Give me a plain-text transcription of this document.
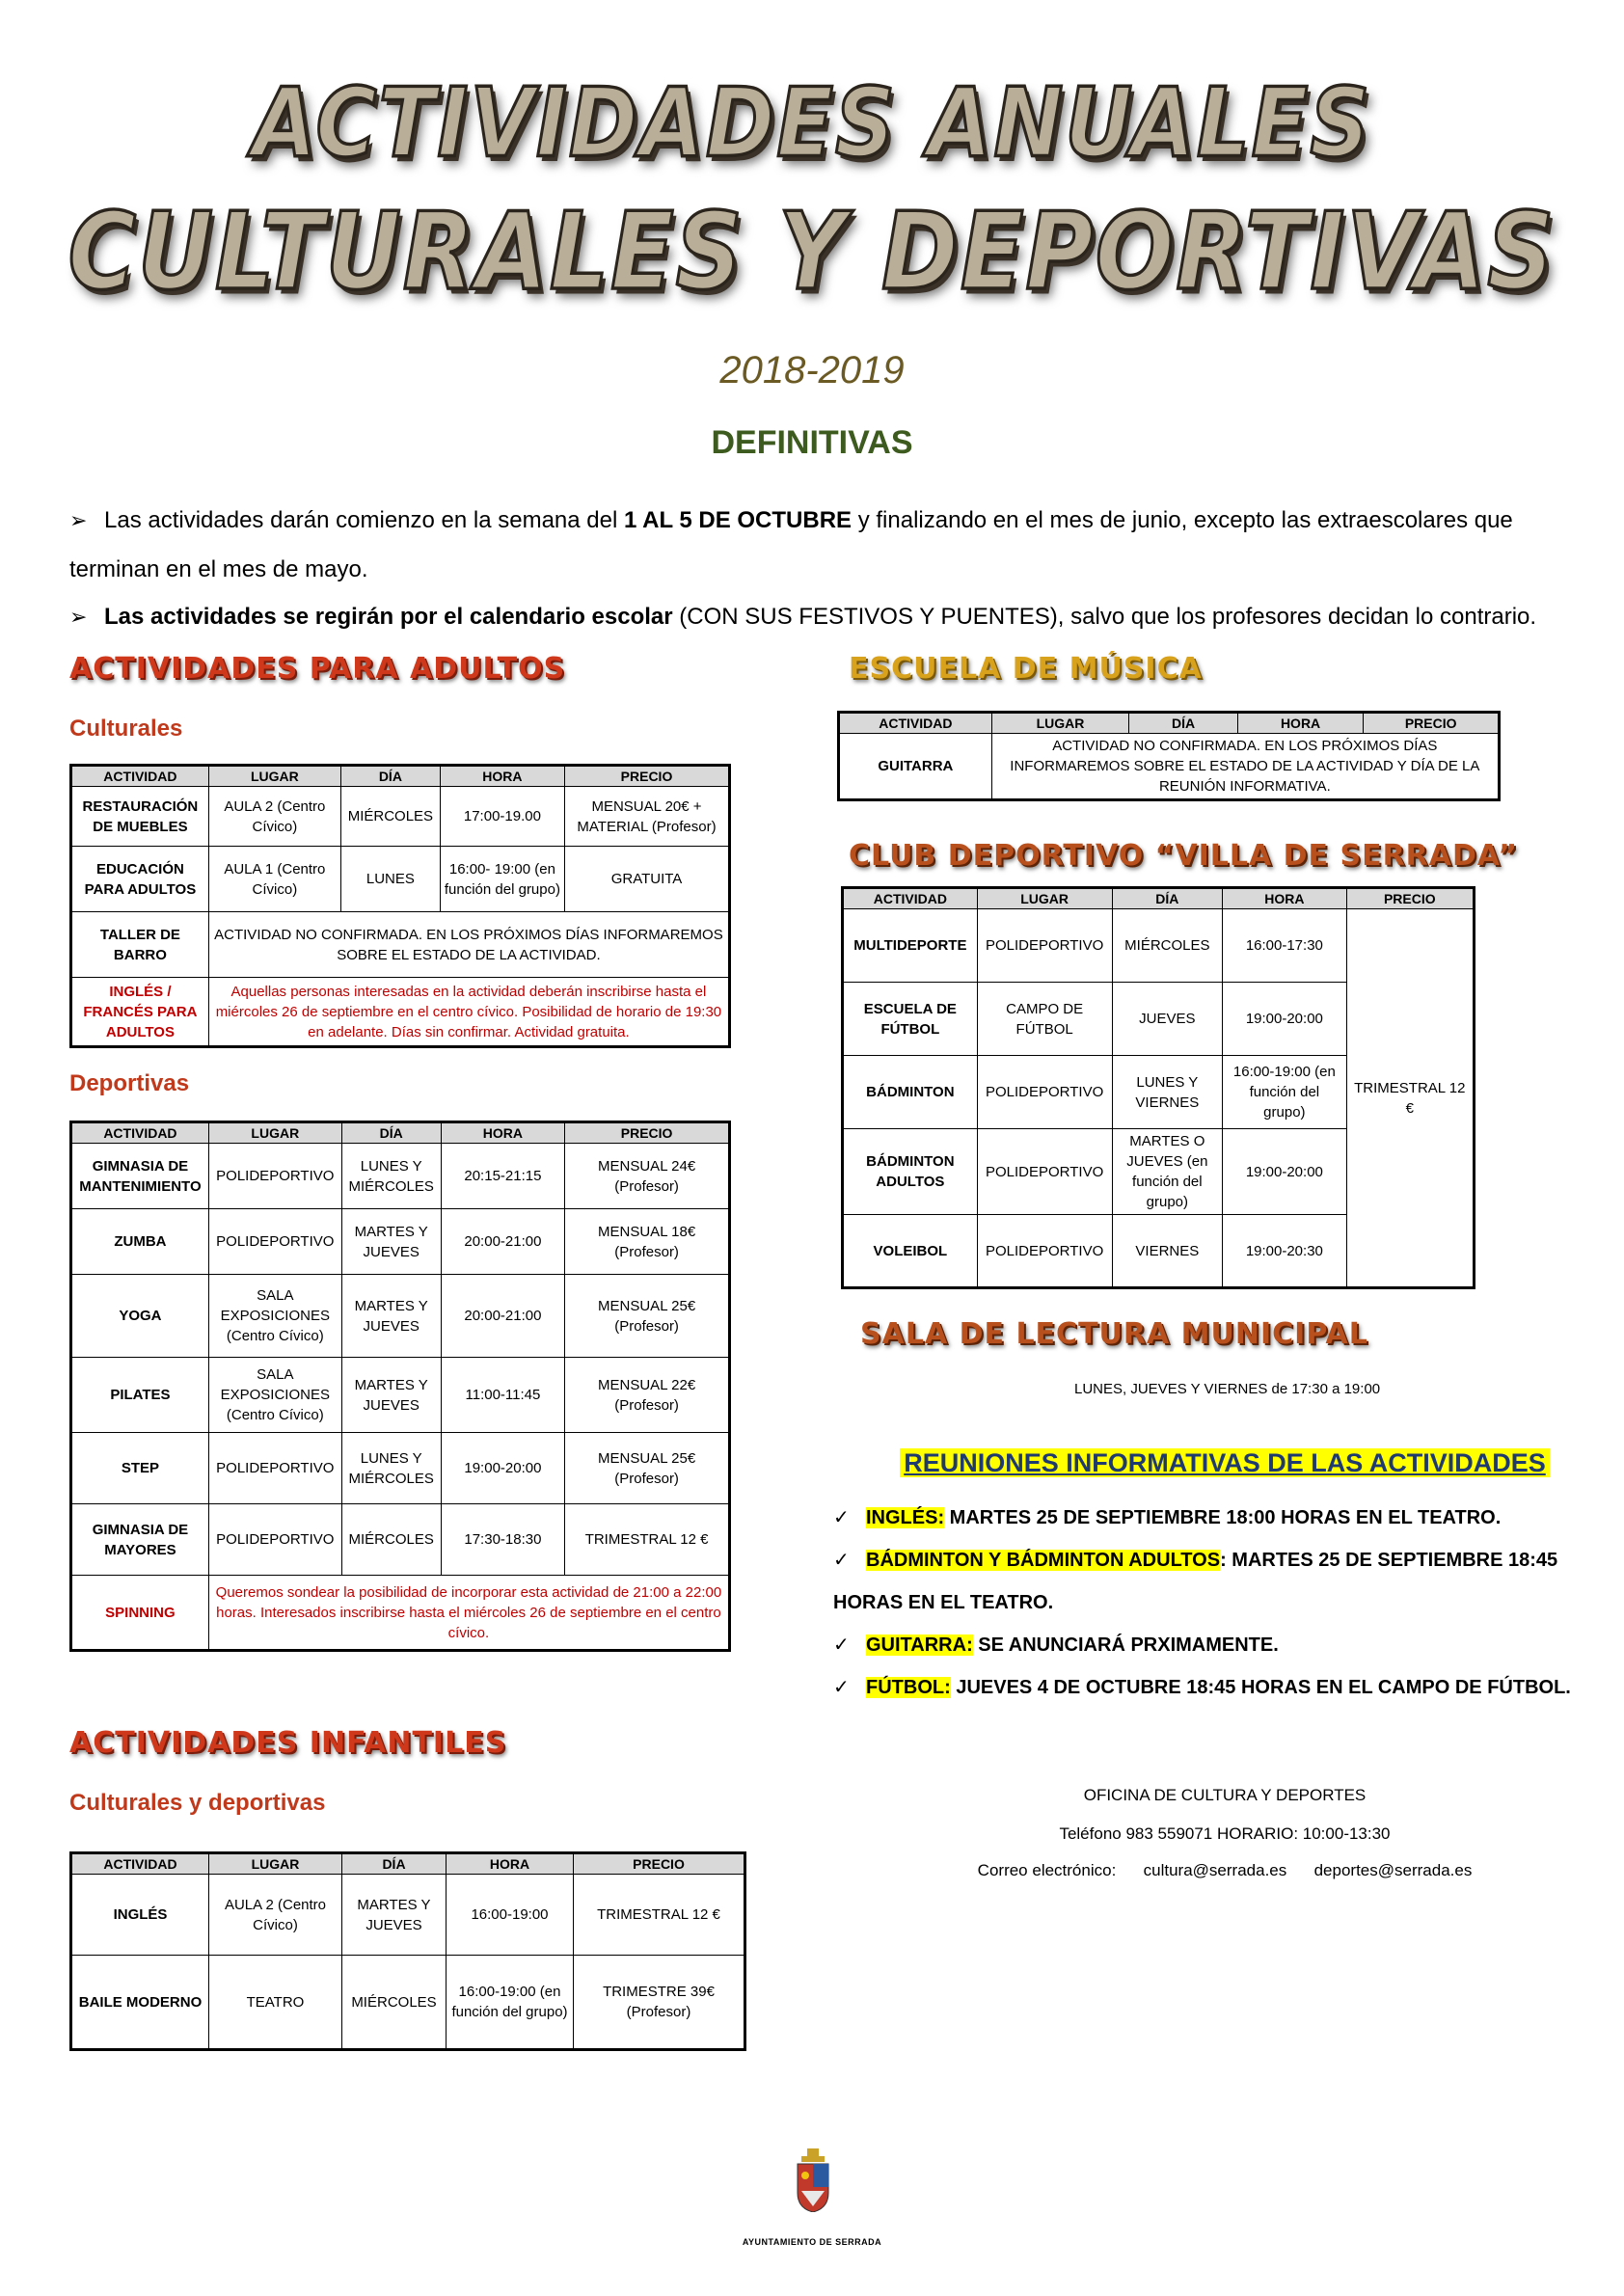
ACTIVIDADES ANUALES
CULTURALES Y DEPORTIVAS
2018-2019
DEFINITIVAS
➢ Las actividades darán comienzo en la semana del 1 AL 5 DE OCTUBRE y finalizando en el mes de junio, excepto las extraescolares que terminan en el mes de mayo.
➢ Las actividades se regirán por el calendario escolar (CON SUS FESTIVOS Y PUENTES), salvo que los profesores decidan lo contrario.
ACTIVIDADES PARA ADULTOS
Culturales
ACTIVIDAD	LUGAR	DÍA	HORA	PRECIO
RESTAURACIÓN DE MUEBLES	AULA 2 (Centro Cívico)	MIÉRCOLES	17:00-19.00	MENSUAL 20€ + MATERIAL (Profesor)
EDUCACIÓN PARA ADULTOS	AULA 1 (Centro Cívico)	LUNES	16:00- 19:00 (en función del grupo)	GRATUITA
TALLER DE BARRO	ACTIVIDAD NO CONFIRMADA. EN LOS PRÓXIMOS DÍAS INFORMAREMOS SOBRE EL ESTADO DE LA ACTIVIDAD.			
INGLÉS / FRANCÉS PARA ADULTOS	Aquellas personas interesadas en la actividad deberán inscribirse hasta el miércoles 26 de septiembre en el centro cívico. Posibilidad de horario de 19:30 en adelante. Días sin confirmar. Actividad gratuita.			
Deportivas
ACTIVIDAD	LUGAR	DÍA	HORA	PRECIO
GIMNASIA DE MANTENIMIENTO	POLIDEPORTIVO	LUNES Y MIÉRCOLES	20:15-21:15	MENSUAL 24€ (Profesor)
ZUMBA	POLIDEPORTIVO	MARTES Y JUEVES	20:00-21:00	MENSUAL 18€ (Profesor)
YOGA	SALA EXPOSICIONES (Centro Cívico)	MARTES Y JUEVES	20:00-21:00	MENSUAL 25€ (Profesor)
PILATES	SALA EXPOSICIONES (Centro Cívico)	MARTES Y JUEVES	11:00-11:45	MENSUAL 22€ (Profesor)
STEP	POLIDEPORTIVO	LUNES Y MIÉRCOLES	19:00-20:00	MENSUAL 25€ (Profesor)
GIMNASIA DE MAYORES	POLIDEPORTIVO	MIÉRCOLES	17:30-18:30	TRIMESTRAL 12 €
SPINNING	Queremos sondear la posibilidad de incorporar esta actividad de 21:00 a 22:00 horas. Interesados inscribirse hasta el miércoles 26 de septiembre en el centro cívico.			
ACTIVIDADES INFANTILES
Culturales y deportivas
ACTIVIDAD	LUGAR	DÍA	HORA	PRECIO
INGLÉS	AULA 2 (Centro Cívico)	MARTES Y JUEVES	16:00-19:00	TRIMESTRAL 12 €
BAILE MODERNO	TEATRO	MIÉRCOLES	16:00-19:00 (en función del grupo)	TRIMESTRE 39€ (Profesor)
ESCUELA DE MÚSICA
ACTIVIDAD	LUGAR	DÍA	HORA	PRECIO
GUITARRA	ACTIVIDAD NO CONFIRMADA. EN LOS PRÓXIMOS DÍAS INFORMAREMOS SOBRE EL ESTADO DE LA ACTIVIDAD Y DÍA DE LA REUNIÓN INFORMATIVA.			
CLUB DEPORTIVO “VILLA DE SERRADA”
ACTIVIDAD	LUGAR	DÍA	HORA	PRECIO
MULTIDEPORTE	POLIDEPORTIVO	MIÉRCOLES	16:00-17:30	TRIMESTRAL 12 €
ESCUELA DE FÚTBOL	CAMPO DE FÚTBOL	JUEVES	19:00-20:00	
BÁDMINTON	POLIDEPORTIVO	LUNES Y VIERNES	16:00-19:00 (en función del grupo)	
BÁDMINTON ADULTOS	POLIDEPORTIVO	MARTES O JUEVES (en función del grupo)	19:00-20:00	
VOLEIBOL	POLIDEPORTIVO	VIERNES	19:00-20:30	
SALA DE LECTURA MUNICIPAL
LUNES, JUEVES Y VIERNES de 17:30 a 19:00
REUNIONES INFORMATIVAS DE LAS ACTIVIDADES
✓ INGLÉS: MARTES 25 DE SEPTIEMBRE 18:00 HORAS EN EL TEATRO.
✓ BÁDMINTON Y BÁDMINTON ADULTOS: MARTES 25 DE SEPTIEMBRE 18:45 HORAS EN EL TEATRO.
✓ GUITARRA: SE ANUNCIARÁ PRXIMAMENTE.
✓ FÚTBOL: JUEVES 4 DE OCTUBRE 18:45 HORAS EN EL CAMPO DE FÚTBOL.
OFICINA DE CULTURA Y DEPORTES
Teléfono 983 559071 HORARIO: 10:00-13:30
Correo electrónico: cultura@serrada.es deportes@serrada.es
AYUNTAMIENTO DE SERRADA
